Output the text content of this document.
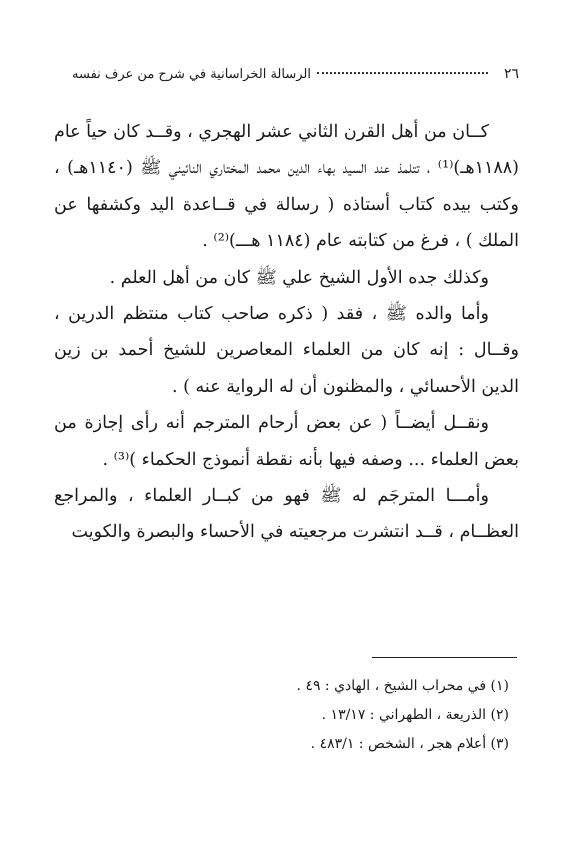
٢٦
الرسالة الخراسانية في شرح من عرف نفسه

كــان من أهل القرن الثاني عشر الهجري ، وقــد كان حياً عام (١١٨٨هـ)⁽¹⁾ ، تتلمذ عند السيد بهاء الدين محمد المختاري النائيني ﷺ (١١٤٠هـ) ، وكتب بيده كتاب أستاذه ( رسالة في قــاعدة اليد وكشفها عن الملك ) ، فرغ من كتابته عام (١١٨٤ هـــ)⁽²⁾ .

وكذلك جده الأول الشيخ علي ﷺ كان من أهل العلم .

وأما والده ﷺ ، فقد ( ذكره صاحب كتاب منتظم الدرين ، وقــال : إنه كان من العلماء المعاصرين للشيخ أحمد بن زين الدين الأحسائي ، والمظنون أن له الرواية عنه ) .

ونقــل أيضــاً ( عن بعض أرحام المترجم أنه رأى إجازة من بعض العلماء ... وصفه فيها بأنه نقطة أنموذج الحكماء )⁽³⁾ .

وأمـــا المترجَم له ﷺ فهو من كبــار العلماء ، والمراجع العظــام ، قــد انتشرت مرجعيته في الأحساء والبصرة والكويت

(١) في محراب الشيخ ، الهادي : ٤٩ .

(٢) الذريعة ، الطهراني : ١٣/١٧ .

(٣) أعلام هجر ، الشخص : ٤٨٣/١ .
